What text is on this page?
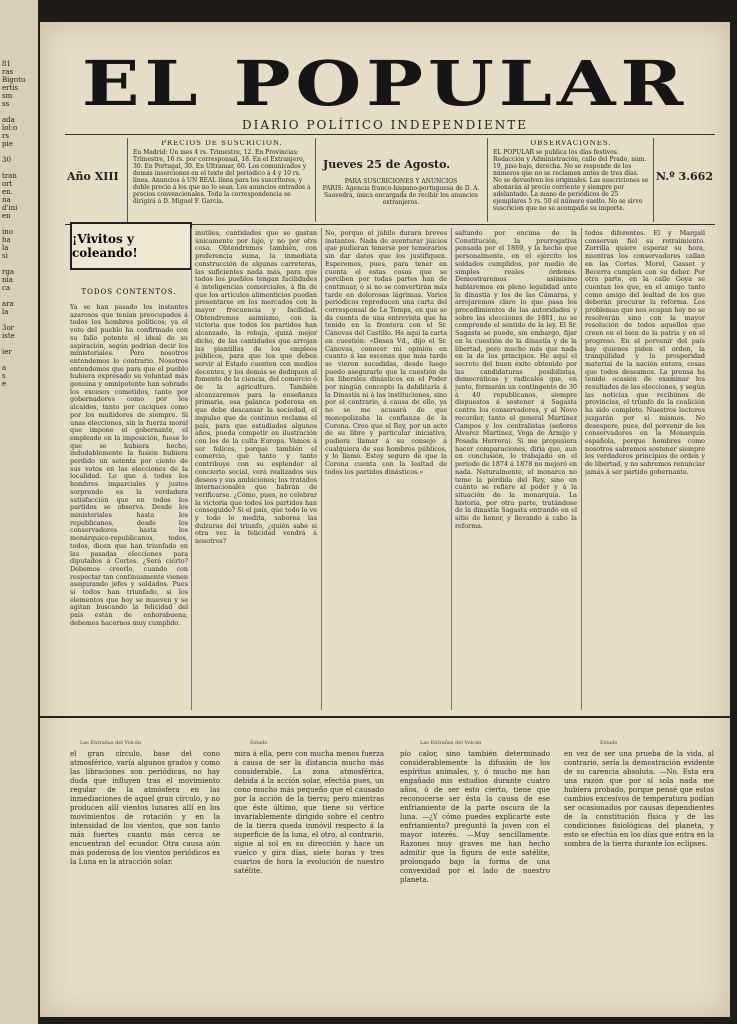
81
ras
Bigotu
ertis
sm
ss

ada
lol:o
rs
pie

30

tran
ort
en.
na
d'ini
en

ino
ha
la
si

rga
nia
ca

ara
la

3or
iste

ier

a
s
e
EL POPULAR
DIARIO POLÍTICO INDEPENDIENTE
Año XIII
PRECIOS DE SUSCRICION.
En Madrid: Un mes 4 rs. Trimestre, 12. En Provincias: Trimestre, 16 rs. por corresponsal, 18. En el Extranjero, 30. En Portugal, 30. En Ultramar, 60. Los comunicados y demás inserciones en el texto del periódico á 4 y 10 rs. línea. Anuncios á UN REAL línea para los suscritores, y doble precio á los que no lo sean. Los anuncios entrados á precios convencionales. Toda la correspondencia se dirigirá á D. Miguel F. García.
Jueves 25 de Agosto.
PARA SUSCRICIONES Y ANUNCIOS
PARIS: Agencia franco-hispano-portuguesa de D. A. Saavedra, única encargada de recibir los anuncios extranjeros.
OBSERVACIONES.
EL POPULAR se publica los días festivos. Redacción y Administración, calle del Prado, núm. 19, piso bajo, derecha. No se responde de los números que no se reclamen antes de tres días. No se devuelven los originales. Las suscriciones se abonarán al precio corriente y siempre por adelantado. La mano de periódicos de 25 ejemplares 5 rs. 50 el número suelto. No se sirve suscricion que no se acompañe su importe.
N.º 3.662
¡Vivitos y coleando!
TODOS CONTENTOS.
Ya se han pasado los instantes azarosos que tenían preocupados á todos los hombres políticos; ya el voto del pueblo ha confirmado con su fallo potente el ideal de su aspiración, según podrían decir los ministeriales. Pero nosotros entendemos lo contrario. Nosotros entendemos que para que el pueblo hubiera expresado su voluntad más genuina y omnipotente han sobrado los excesos cometidos, tanto por gobernadores como por los alcaldes, tanto por caciques como por los muñidores de siempre. Si unas elecciones, sin la fuerza moral que impone el gobernante, el empleado en la imposición, fuese lo que se hubiera hecho, indudablemente la fusión hubiera perdido un setenta por ciento de sus votos en las elecciones de la localidad. Lo que á todos los hombres imparciales y justos sorprende es la verdadera satisfacción que en todos los partidos se observa. Desde los ministeriales hasta los republicanos, desde los conservadores hasta los monárquico-republicanos, todos, todos, dicen que han triunfado en las pasadas elecciones para diputados á Cortes. ¿Será cierto? Debemos creerlo, cuando con respectar tan continuamente vienen asegurando jefes y soldados. Pues si todos han triunfado, si los elementos que hoy se mueven y se agitan buscando la felicidad del país están de enhorabuena, debemos hacernos muy cumplido.
inútiles, cantidades que se gastan únicamente por lujo, y no por otra cosa. Obtendremos también, con preferencia suma, la inmediata construcción de algunas carreteras, las suficientes nada más, para que todos los pueblos tengan facilidades é inteligencias comerciales, á fin de que los artículos alimenticios puedan presentarse en los mercados con la mayor frecuencia y facilidad. Obtendremos asimismo, con la victoria que todos los partidos han alcanzado, la rebaja, quizá mejor dicho, de las cantidades que arrojan las plantillas de los empleos públicos, para que los que deben servir al Estado cuenten con medios decentes, y los demás se dediquen al fomento de la ciencia, del comercio ó de la agricultura. También alcanzaremos para la enseñanza primaria, esa palanca poderosa en que debe descansar la sociedad, el impulso que de continuo reclama el país, para que estudiados algunos años, pueda competir en ilustración con los de la culta Europa. Vamos á ser felices, porque también el comercio, que tanto y tanto contribuye con su esplendor al concierto social, verá realizados sus deseos y sus ambiciones; los tratados internacionales que habrán de verificarse. ¿Cómo, pues, no celebrar la victoria que todos los partidos han conseguido? Si el país, que todo lo ve y todo lo medita, saborea las dulzuras del triunfo, ¿quién sabe si otra vez la felicidad vendrá á nosotros?
No, porque el júbilo durará breves instantes. Nada de aventurar juicios que pudieran tenerse por temerarios sin dar datos que los justifiquen. Esperemos, pues, para tener en cuenta el estas cosas que se perciben por todas partes han de continuar, ó si no se convertirán más tarde en dolorosas lágrimas. Varios periódicos reproducen una carta del corresponsal de Le Temps, en que se da cuenta de una entrevista que ha tenido en la frontera con el Sr. Cánovas del Castillo. He aquí la carta en cuestión: «Desea Vd., dijo el Sr. Cánovas, conocer mi opinión en cuanto á las escenas que más tarde se vieron sucedidas, desde luego puedo asegurarle que la cuestión de los liberales dinásticos en el Poder por ningún concepto la debilitaría á la Dinastía ni á las instituciones, sino por el contrario, á causa de ello, ya no se me acusará de que monopolizaba la confianza de la Corona. Creo que el Rey, por un acto de su libre y particular iniciativa, pudiera llamar á su consejo á cualquiera de sus hombres públicos, y lo llamó. Estoy seguro de que la Corona cuenta con la lealtad de todos los partidos dinásticos.»
saltando por encima de la Constitución, la prerrogativa pensada por el 1869, y la hecho que personalmente, en el ejército los soldados cumplidos, por medio de simples reales órdenes. Demostraremos asimismo hablaremos en pleno legalidad ante la dinastía y los de las Cámaras, y arrojaremos claro lo que pasa los procedimientos de las autoridades y sobre las elecciones de 1881, no se comprende el sentido de la ley. El Sr. Sagasta se puede, sin embargo, fijar en la cuestión de la dinastía y de la libertad, pero mucho más que nada en la de los principios. He aquí el secreto del buen éxito obtenido por las candidaturas posibilistas, democráticas y radicales que, en junto, formarán un contingente de 30 á 40 republicanos, siempre dispuestos á sostener á Sagasta contra los conservadores, y al Novo recorder, tanto el general Martínez Campos y los centralistas (señores Álvarez Martínez, Vega de Armijo y Posada Herrera). Si me propusiera hacer comparaciones, diría que, aun en conclusión, lo trabajado en el período de 1874 á 1878 no mejoró en nada. Naturalmente, el monarca no teme la pérdida del Rey, sino en cuánto se refiere al poder y á la situación de la monarquía. La historia, por otra parte, tratándose de la dinastía Sagasta entrando en el sitio de honor, y llevando á cabo la reforma.
todos diferentes. El y Margall conservan fiel su retraimiento. Zorrilla quiere esperar su hora, mientras los conservadores callan en las Cortes. Morel, Gasset y Becerra cumplen con su deber. Por otra parte, en la calle Goya se cuentan los que, en el amigo tanto como amigo del lealtad de los que deberán procurar la reforma. Los problemas que nos ocupan hoy no se resolverán sino con la mayor resolución de todos aquellos que creen en el bien de la patria y en el progreso. En el porvenir del país hay quienes piden el orden, la tranquilidad y la prosperidad material de la nación entera, cosas que todos deseamos. La prensa ha tenido ocasión de examinar los resultados de las elecciones, y según las noticias que recibimos de provincias, el triunfo de la coalición ha sido completo. Nuestros lectores juzgarán por sí mismos. No desespere, pues, del porvenir de los conservadores en la Monarquía española, porque hombres como nosotros sabremos sostener siempre los verdaderos principios de orden y de libertad, y no sabremos renunciar jamás á ser partido gobernante.
Las Entrañas del Volcán	Estado	Las Entrañas del Volcán	Estado
el gran círculo, base del cono atmosférico, varía algunos grados y como las libraciones son periódicas, no hay duda que influyen tras el movimiento regular de la atmósfera en las inmediaciones de aquel gran círculo, y no producen allí vientos lunares allí en los movimientos de rotación y en la intensidad de los vientos, que son tanto más fuertes cuanto más cerca se encuentran del ecuador. Otra causa aún más poderosa de los vientos periódicos es la Luna en la atracción solar.
mira á ella, pero con mucha menos fuerza á causa de ser la distancia mucho más considerable. La zona atmosférica, debida á la acción solar, efectúa pues, un cono mucho más pequeño que el causado por la acción de la tierra; pero mientras que éste último, que tiene su vértice invariablemente dirigido sobre el centro de la tierra queda inmóvil respecto á la superficie de la luna, el otro, al contrario, sigue al sol en su dirección y hace un vuelco y gira días, siete horas y tres cuartos de hora la evolución de nuestro satélite.
pío calor, sino también determinado considerablemente la difusión de los espíritus animales, y, ó mucho me han engañado mis estudios durante cuatro años, ó de ser esto cierto, tiene que reconocerse ser ésta la causa de ese enfriamiento de la parte oscura de la luna. —¿Y cómo puedes explicarte este enfriamiento? preguntó la joven con el mayor interés. —Muy sencillamente. Razones muy graves me han hecho admitir que la figura de este satélite, prolongado bajo la forma de una convexidad por el lado de nuestro planeta.
en vez de ser una prueba de la vida, al contrario, sería la demostración evidente de su carencia absoluta. —No. Esta era una razón que por sí sola nada me hubiera probado, porque pensé que estos cambios excesivos de temperatura podían ser ocasionados por causas dependientes de la constitución física y de las condiciones fisiológicas del planeta, y esto se efectúa en los días que entra en la sombra de la tierra durante los eclipses.
